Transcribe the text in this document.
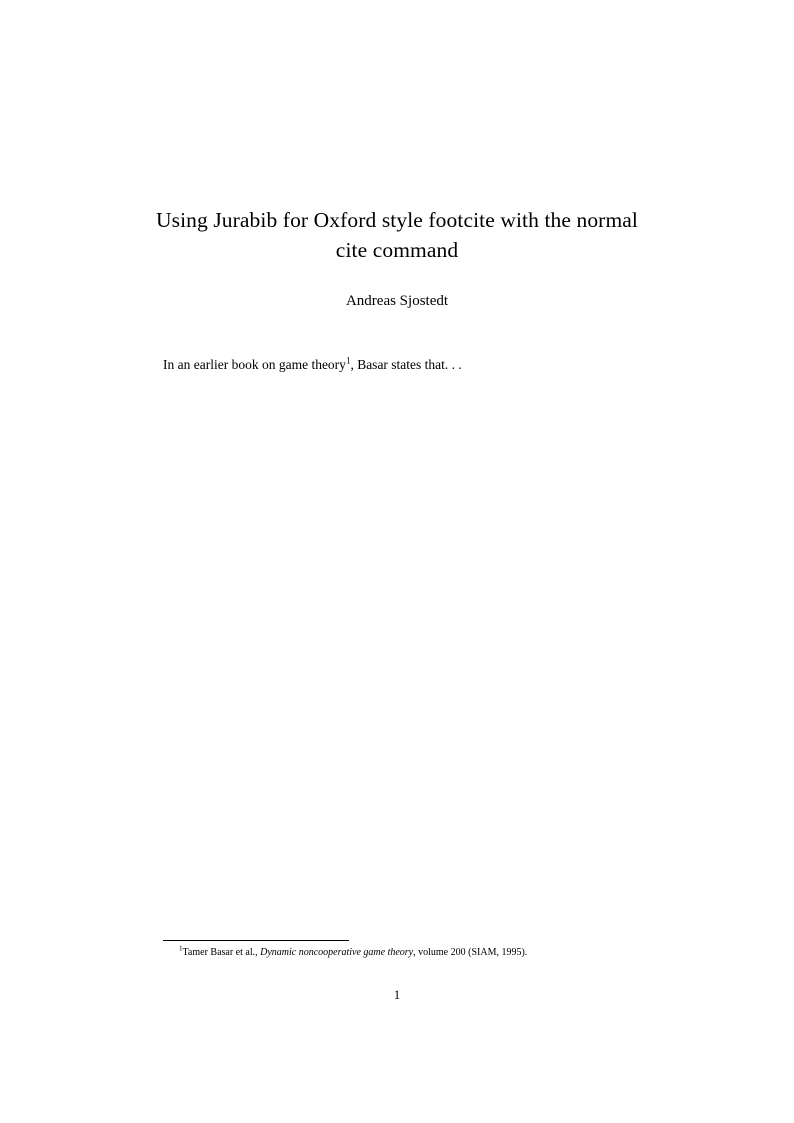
Using Jurabib for Oxford style footcite with the normal cite command
Andreas Sjostedt

In an earlier book on game theory$^1$, Basar states that. . .

$^1$Tamer Basar et al., Dynamic noncooperative game theory, volume 200 (SIAM, 1995).
1
